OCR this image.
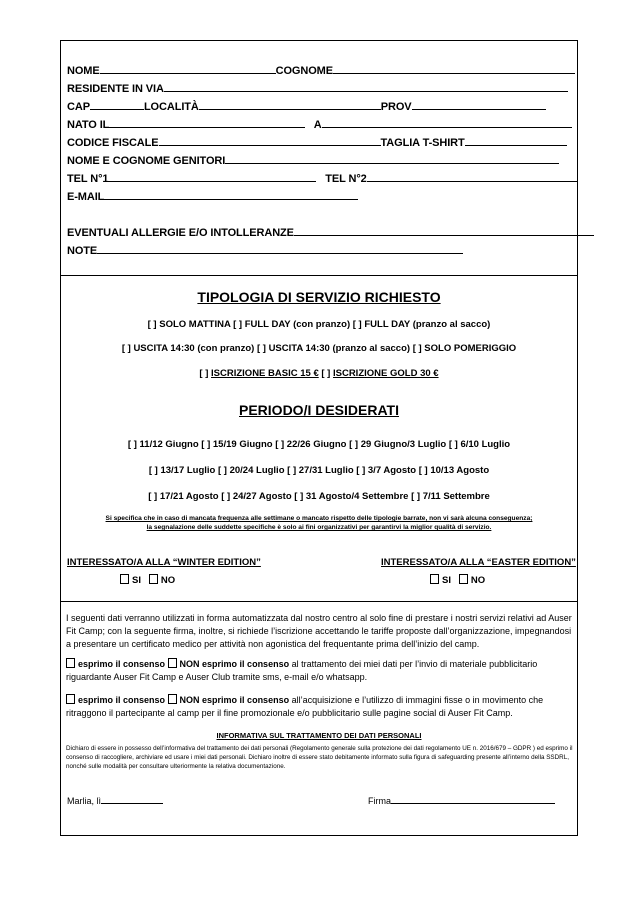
NOME	COGNOME
RESIDENTE IN VIA
CAP	LOCALITÀ	PROV
NATO IL	A
CODICE FISCALE	TAGLIA T-SHIRT
NOME E COGNOME GENITORI
TEL N°1	TEL N°2
E-MAIL
EVENTUALI ALLERGIE E/O INTOLLERANZE
NOTE
TIPOLOGIA DI SERVIZIO RICHIESTO
[ ] SOLO MATTINA [ ] FULL DAY (con pranzo) [ ] FULL DAY (pranzo al sacco)
[ ] USCITA 14:30 (con pranzo) [ ] USCITA 14:30 (pranzo al sacco) [ ] SOLO POMERIGGIO
[ ] ISCRIZIONE BASIC 15 € [ ] ISCRIZIONE GOLD 30 €
PERIODO/I DESIDERATI
[ ] 11/12 Giugno [ ] 15/19 Giugno [ ] 22/26 Giugno [ ] 29 Giugno/3 Luglio [ ] 6/10 Luglio
[ ] 13/17 Luglio [ ] 20/24 Luglio [ ] 27/31 Luglio [ ] 3/7 Agosto [ ] 10/13 Agosto
[ ] 17/21 Agosto [ ] 24/27 Agosto [ ] 31 Agosto/4 Settembre [ ] 7/11 Settembre
Si specifica che in caso di mancata frequenza alle settimane o mancato rispetto delle tipologie barrate, non vi sarà alcuna conseguenza;
la segnalazione delle suddette specifiche è solo ai fini organizzativi per garantirvi la miglior qualità di servizio.
INTERESSATO/A ALLA “WINTER EDITION”
SI NO
INTERESSATO/A ALLA “EASTER EDITION”
SI NO
I seguenti dati verranno utilizzati in forma automatizzata dal nostro centro al solo fine di prestare i nostri servizi relativi ad Auser Fit Camp; con la seguente firma, inoltre, si richiede l’iscrizione accettando le tariffe proposte dall’organizzazione, impegnandosi a presentare un certificato medico per attività non agonistica del frequentante prima dell’inizio del camp.
esprimo il consenso NON esprimo il consenso al trattamento dei miei dati per l’invio di materiale pubblicitario riguardante Auser Fit Camp e Auser Club tramite sms, e-mail e/o whatsapp.
esprimo il consenso NON esprimo il consenso all’acquisizione e l’utilizzo di immagini fisse o in movimento che ritraggono il partecipante al camp per il fine promozionale e/o pubblicitario sulle pagine social di Auser Fit Camp.
INFORMATIVA SUL TRATTAMENTO DEI DATI PERSONALI
Dichiaro di essere in possesso dell’informativa del trattamento dei dati personali (Regolamento generale sulla protezione dei dati regolamento UE n. 2016/679 – GDPR ) ed esprimo il consenso di raccogliere, archiviare ed usare i miei dati personali. Dichiaro inoltre di essere stato debitamente informato sulla figura di safeguarding presente all’interno della SSDRL, nonché sulle modalità per consultare ulteriormente la relativa documentazione.
Marlia, lì	Firma
